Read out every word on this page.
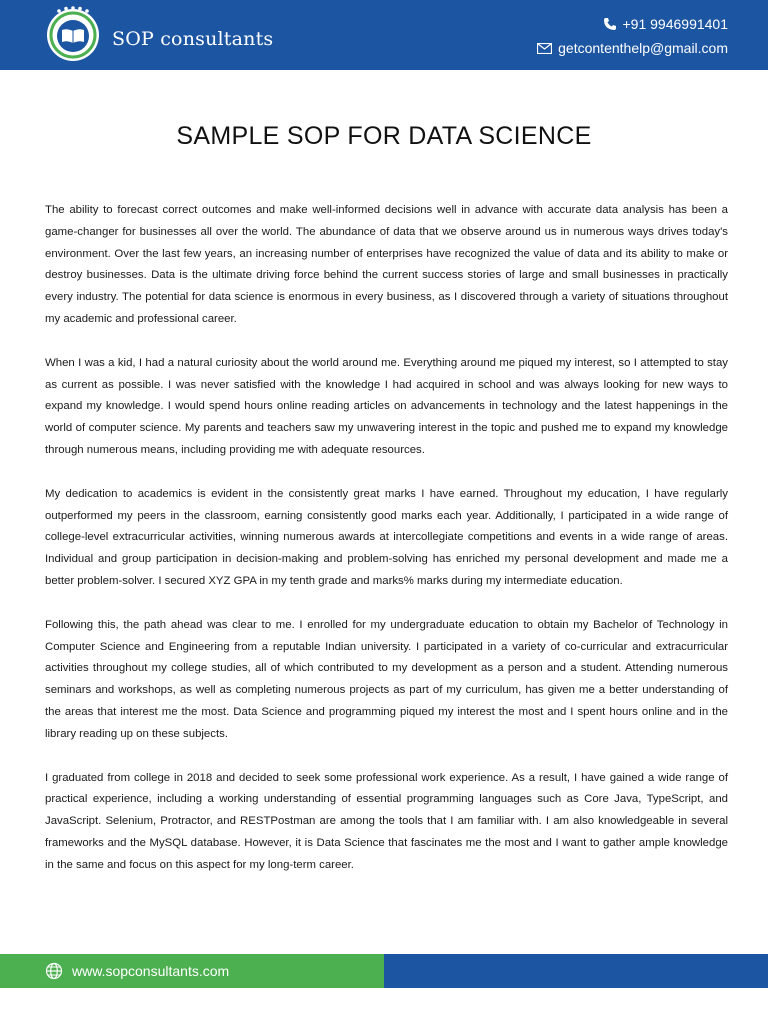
SOP consultants
+91 9946991401
getcontenthelp@gmail.com
SAMPLE SOP FOR DATA SCIENCE

The ability to forecast correct outcomes and make well-informed decisions well in advance with accurate data analysis has been a game-changer for businesses all over the world. The abundance of data that we observe around us in numerous ways drives today's environment. Over the last few years, an increasing number of enterprises have recognized the value of data and its ability to make or destroy businesses. Data is the ultimate driving force behind the current success stories of large and small businesses in practically every industry. The potential for data science is enormous in every business, as I discovered through a variety of situations throughout my academic and professional career.

When I was a kid, I had a natural curiosity about the world around me. Everything around me piqued my interest, so I attempted to stay as current as possible. I was never satisfied with the knowledge I had acquired in school and was always looking for new ways to expand my knowledge. I would spend hours online reading articles on advancements in technology and the latest happenings in the world of computer science. My parents and teachers saw my unwavering interest in the topic and pushed me to expand my knowledge through numerous means, including providing me with adequate resources.

My dedication to academics is evident in the consistently great marks I have earned. Throughout my education, I have regularly outperformed my peers in the classroom, earning consistently good marks each year. Additionally, I participated in a wide range of college-level extracurricular activities, winning numerous awards at intercollegiate competitions and events in a wide range of areas. Individual and group participation in decision-making and problem-solving has enriched my personal development and made me a better problem-solver. I secured XYZ GPA in my tenth grade and marks% marks during my intermediate education.

Following this, the path ahead was clear to me. I enrolled for my undergraduate education to obtain my Bachelor of Technology in Computer Science and Engineering from a reputable Indian university. I participated in a variety of co-curricular and extracurricular activities throughout my college studies, all of which contributed to my development as a person and a student. Attending numerous seminars and workshops, as well as completing numerous projects as part of my curriculum, has given me a better understanding of the areas that interest me the most. Data Science and programming piqued my interest the most and I spent hours online and in the library reading up on these subjects.

I graduated from college in 2018 and decided to seek some professional work experience. As a result, I have gained a wide range of practical experience, including a working understanding of essential programming languages such as Core Java, TypeScript, and JavaScript. Selenium, Protractor, and RESTPostman are among the tools that I am familiar with. I am also knowledgeable in several frameworks and the MySQL database. However, it is Data Science that fascinates me the most and I want to gather ample knowledge in the same and focus on this aspect for my long-term career.

www.sopconsultants.com
